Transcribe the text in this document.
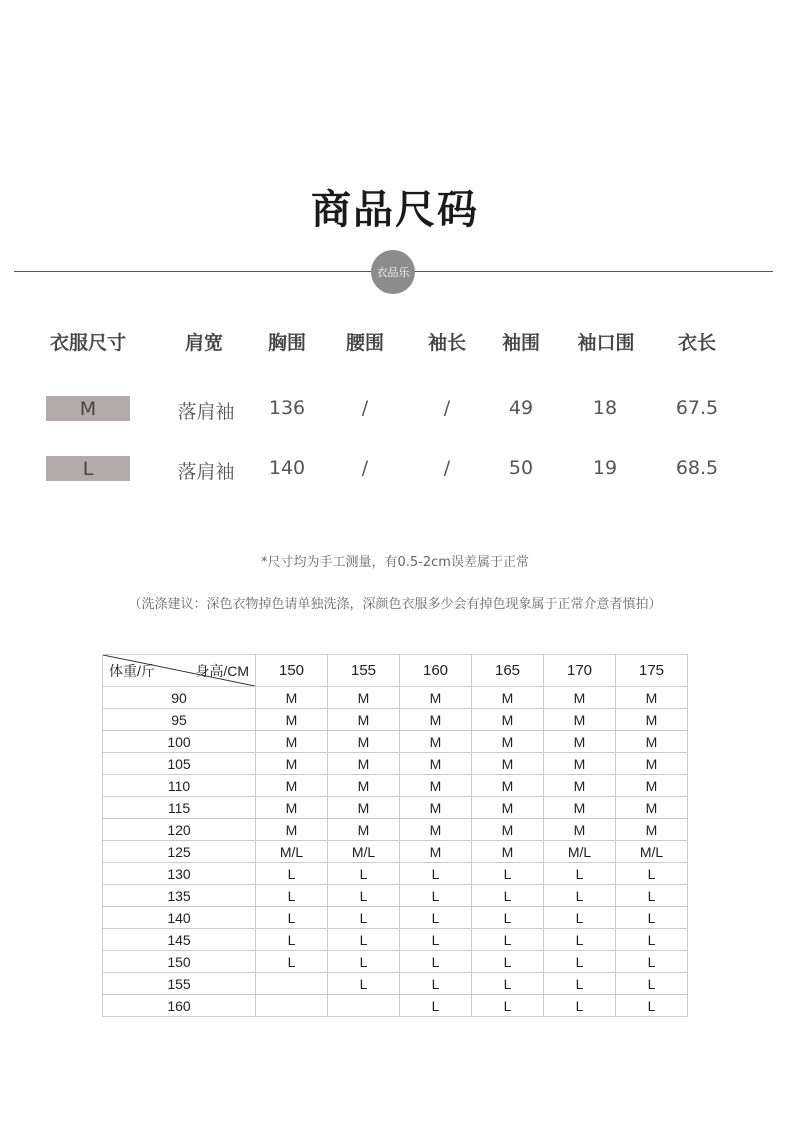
商品尺码
衣品乐
衣服尺寸	肩宽 胸围 腰围 袖长 袖围 袖口围 衣长
M	落肩袖 136	/	/	49	18	67.5
L	落肩袖 140	/	/	50	19	68.5
*尺寸均为手工测量，有0.5-2cm误差属于正常
（洗涤建议：深色衣物掉色请单独洗涤，深颜色衣服多少会有掉色现象属于正常介意者慎拍）
体重/斤 身高/CM	150	155	160	165	170	175
90	M	M	M	M	M	M
95	M	M	M	M	M	M
100	M	M	M	M	M	M
105	M	M	M	M	M	M
110	M	M	M	M	M	M
115	M	M	M	M	M	M
120	M	M	M	M	M	M
125	M/L	M/L	M	M	M/L	M/L
130	L	L	L	L	L	L
135	L	L	L	L	L	L
140	L	L	L	L	L	L
145	L	L	L	L	L	L
150	L	L	L	L	L	L
155		L	L	L	L	L
160			L	L	L	L
